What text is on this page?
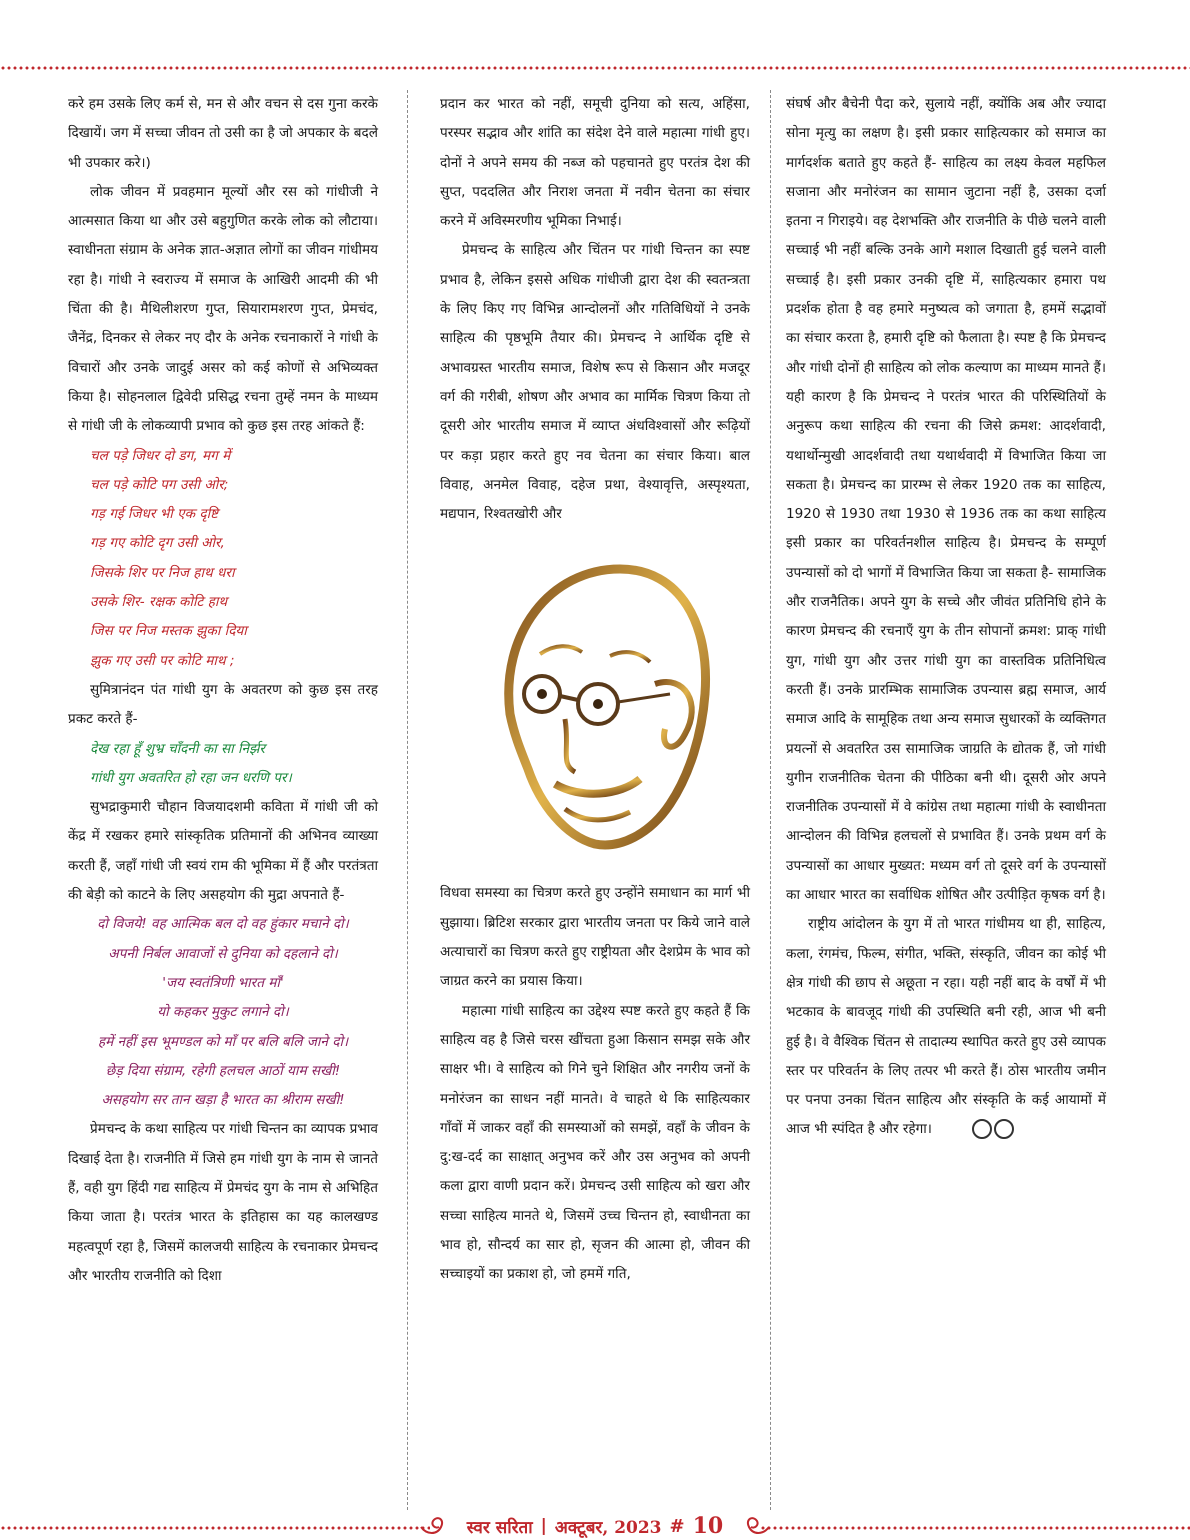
करे हम उसके लिए कर्म से, मन से और वचन से दस गुना करके दिखायें। जग में सच्चा जीवन तो उसी का है जो अपकार के बदले भी उपकार करे।)

लोक जीवन में प्रवहमान मूल्यों और रस को गांधीजी ने आत्मसात किया था और उसे बहुगुणित करके लोक को लौटाया। स्वाधीनता संग्राम के अनेक ज्ञात-अज्ञात लोगों का जीवन गांधीमय रहा है। गांधी ने स्वराज्य में समाज के आखिरी आदमी की भी चिंता की है। मैथिलीशरण गुप्त, सियारामशरण गुप्त, प्रेमचंद, जैनेंद्र, दिनकर से लेकर नए दौर के अनेक रचनाकारों ने गांधी के विचारों और उनके जादुई असर को कई कोणों से अभिव्यक्त किया है। सोहनलाल द्विवेदी प्रसिद्ध रचना तुम्हें नमन के माध्यम से गांधी जी के लोकव्यापी प्रभाव को कुछ इस तरह आंकते हैं:

चल पड़े जिधर दो डग, मग में
चल पड़े कोटि पग उसी ओर;
गड़ गई जिधर भी एक दृष्टि
गड़ गए कोटि दृग उसी ओर,
जिसके शिर पर निज हाथ धरा
उसके शिर- रक्षक कोटि हाथ
जिस पर निज मस्तक झुका दिया
झुक गए उसी पर कोटि माथ ;

सुमित्रानंदन पंत गांधी युग के अवतरण को कुछ इस तरह प्रकट करते हैं-

देख रहा हूँ शुभ्र चाँदनी का सा निर्झर
गांधी युग अवतरित हो रहा जन धरणि पर।

सुभद्राकुमारी चौहान विजयादशमी कविता में गांधी जी को केंद्र में रखकर हमारे सांस्कृतिक प्रतिमानों की अभिनव व्याख्या करती हैं, जहाँ गांधी जी स्वयं राम की भूमिका में हैं और परतंत्रता की बेड़ी को काटने के लिए असहयोग की मुद्रा अपनाते हैं-

दो विजये! वह आत्मिक बल दो वह हुंकार मचाने दो।
अपनी निर्बल आवाजों से दुनिया को दहलाने दो।
'जय स्वतंत्रिणी भारत माँ'
यो कहकर मुकुट लगाने दो।
हमें नहीं इस भूमण्डल को माँ पर बलि बलि जाने दो।
छेड़ दिया संग्राम, रहेगी हलचल आठों याम सखी!
असहयोग सर तान खड़ा है भारत का श्रीराम सखी!

प्रेमचन्द के कथा साहित्य पर गांधी चिन्तन का व्यापक प्रभाव दिखाई देता है। राजनीति में जिसे हम गांधी युग के नाम से जानते हैं, वही युग हिंदी गद्य साहित्य में प्रेमचंद युग के नाम से अभिहित किया जाता है। परतंत्र भारत के इतिहास का यह कालखण्ड महत्वपूर्ण रहा है, जिसमें कालजयी साहित्य के रचनाकार प्रेमचन्द और भारतीय राजनीति को दिशा

प्रदान कर भारत को नहीं, समूची दुनिया को सत्य, अहिंसा, परस्पर सद्भाव और शांति का संदेश देने वाले महात्मा गांधी हुए। दोनों ने अपने समय की नब्ज को पहचानते हुए परतंत्र देश की सुप्त, पददलित और निराश जनता में नवीन चेतना का संचार करने में अविस्मरणीय भूमिका निभाई।

प्रेमचन्द के साहित्य और चिंतन पर गांधी चिन्तन का स्पष्ट प्रभाव है, लेकिन इससे अधिक गांधीजी द्वारा देश की स्वतन्त्रता के लिए किए गए विभिन्न आन्दोलनों और गतिविधियों ने उनके साहित्य की पृष्ठभूमि तैयार की। प्रेमचन्द ने आर्थिक दृष्टि से अभावग्रस्त भारतीय समाज, विशेष रूप से किसान और मजदूर वर्ग की गरीबी, शोषण और अभाव का मार्मिक चित्रण किया तो दूसरी ओर भारतीय समाज में व्याप्त अंधविश्वासों और रूढ़ियों पर कड़ा प्रहार करते हुए नव चेतना का संचार किया। बाल विवाह, अनमेल विवाह, दहेज प्रथा, वेश्यावृत्ति, अस्पृश्यता, मद्यपान, रिश्वतखोरी और

विधवा समस्या का चित्रण करते हुए उन्होंने समाधान का मार्ग भी सुझाया। ब्रिटिश सरकार द्वारा भारतीय जनता पर किये जाने वाले अत्याचारों का चित्रण करते हुए राष्ट्रीयता और देशप्रेम के भाव को जाग्रत करने का प्रयास किया।

महात्मा गांधी साहित्य का उद्देश्य स्पष्ट करते हुए कहते हैं कि साहित्य वह है जिसे चरस खींचता हुआ किसान समझ सके और साक्षर भी। वे साहित्य को गिने चुने शिक्षित और नगरीय जनों के मनोरंजन का साधन नहीं मानते। वे चाहते थे कि साहित्यकार गाँवों में जाकर वहाँ की समस्याओं को समझें, वहाँ के जीवन के दु:ख-दर्द का साक्षात् अनुभव करें और उस अनुभव को अपनी कला द्वारा वाणी प्रदान करें। प्रेमचन्द उसी साहित्य को खरा और सच्चा साहित्य मानते थे, जिसमें उच्च चिन्तन हो, स्वाधीनता का भाव हो, सौन्दर्य का सार हो, सृजन की आत्मा हो, जीवन की सच्चाइयों का प्रकाश हो, जो हममें गति,

संघर्ष और बैचेनी पैदा करे, सुलाये नहीं, क्योंकि अब और ज्यादा सोना मृत्यु का लक्षण है। इसी प्रकार साहित्यकार को समाज का मार्गदर्शक बताते हुए कहते हैं- साहित्य का लक्ष्य केवल महफिल सजाना और मनोरंजन का सामान जुटाना नहीं है, उसका दर्जा इतना न गिराइये। वह देशभक्ति और राजनीति के पीछे चलने वाली सच्चाई भी नहीं बल्कि उनके आगे मशाल दिखाती हुई चलने वाली सच्चाई है। इसी प्रकार उनकी दृष्टि में, साहित्यकार हमारा पथ प्रदर्शक होता है वह हमारे मनुष्यत्व को जगाता है, हममें सद्भावों का संचार करता है, हमारी दृष्टि को फैलाता है। स्पष्ट है कि प्रेमचन्द और गांधी दोनों ही साहित्य को लोक कल्याण का माध्यम मानते हैं। यही कारण है कि प्रेमचन्द ने परतंत्र भारत की परिस्थितियों के अनुरूप कथा साहित्य की रचना की जिसे क्रमश: आदर्शवादी, यथार्थोन्मुखी आदर्शवादी तथा यथार्थवादी में विभाजित किया जा सकता है। प्रेमचन्द का प्रारम्भ से लेकर 1920 तक का साहित्य, 1920 से 1930 तथा 1930 से 1936 तक का कथा साहित्य इसी प्रकार का परिवर्तनशील साहित्य है। प्रेमचन्द के सम्पूर्ण उपन्यासों को दो भागों में विभाजित किया जा सकता है- सामाजिक और राजनैतिक। अपने युग के सच्चे और जीवंत प्रतिनिधि होने के कारण प्रेमचन्द की रचनाएँ युग के तीन सोपानों क्रमश: प्राक् गांधी युग, गांधी युग और उत्तर गांधी युग का वास्तविक प्रतिनिधित्व करती हैं। उनके प्रारम्भिक सामाजिक उपन्यास ब्रह्म समाज, आर्य समाज आदि के सामूहिक तथा अन्य समाज सुधारकों के व्यक्तिगत प्रयत्नों से अवतरित उस सामाजिक जाग्रति के द्योतक हैं, जो गांधी युगीन राजनीतिक चेतना की पीठिका बनी थी। दूसरी ओर अपने राजनीतिक उपन्यासों में वे कांग्रेस तथा महात्मा गांधी के स्वाधीनता आन्दोलन की विभिन्न हलचलों से प्रभावित हैं। उनके प्रथम वर्ग के उपन्यासों का आधार मुख्यत: मध्यम वर्ग तो दूसरे वर्ग के उपन्यासों का आधार भारत का सर्वाधिक शोषित और उत्पीड़ित कृषक वर्ग है।

राष्ट्रीय आंदोलन के युग में तो भारत गांधीमय था ही, साहित्य, कला, रंगमंच, फिल्म, संगीत, भक्ति, संस्कृति, जीवन का कोई भी क्षेत्र गांधी की छाप से अछूता न रहा। यही नहीं बाद के वर्षों में भी भटकाव के बावजूद गांधी की उपस्थिति बनी रही, आज भी बनी हुई है। वे वैश्विक चिंतन से तादात्म्य स्थापित करते हुए उसे व्यापक स्तर पर परिवर्तन के लिए तत्पर भी करते हैं। ठोस भारतीय जमीन पर पनपा उनका चिंतन साहित्य और संस्कृति के कई आयामों में आज भी स्पंदित है और रहेगा।

स्वर सरिता | अक्टूबर, 2023 # 10
